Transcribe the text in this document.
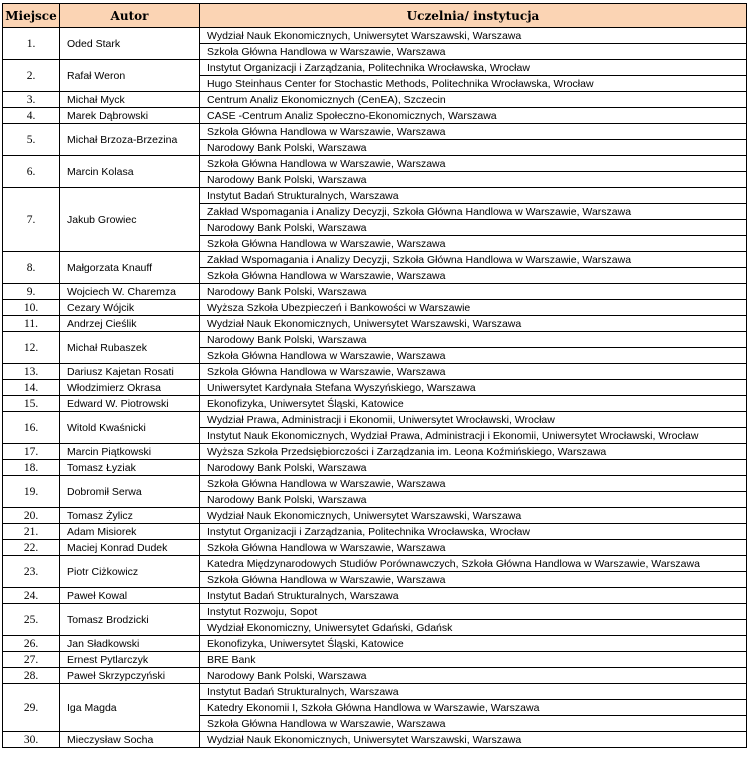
Miejsce	Autor	Uczelnia/ instytucja
1.	Oded Stark	Wydział Nauk Ekonomicznych, Uniwersytet Warszawski, Warszawa
		Szkoła Główna Handlowa w Warszawie, Warszawa
2.	Rafał Weron	Instytut Organizacji i Zarządzania, Politechnika Wrocławska, Wrocław
		Hugo Steinhaus Center for Stochastic Methods, Politechnika Wrocławska, Wrocław
3.	Michał Myck	Centrum Analiz Ekonomicznych (CenEA), Szczecin
4.	Marek Dąbrowski	CASE -Centrum Analiz Społeczno-Ekonomicznych, Warszawa
5.	Michał Brzoza-Brzezina	Szkoła Główna Handlowa w Warszawie, Warszawa
		Narodowy Bank Polski, Warszawa
6.	Marcin Kolasa	Szkoła Główna Handlowa w Warszawie, Warszawa
		Narodowy Bank Polski, Warszawa
7.	Jakub Growiec	Instytut Badań Strukturalnych, Warszawa
		Zakład Wspomagania i Analizy Decyzji, Szkoła Główna Handlowa w Warszawie, Warszawa
		Narodowy Bank Polski, Warszawa
		Szkoła Główna Handlowa w Warszawie, Warszawa
8.	Małgorzata Knauff	Zakład Wspomagania i Analizy Decyzji, Szkoła Główna Handlowa w Warszawie, Warszawa
		Szkoła Główna Handlowa w Warszawie, Warszawa
9.	Wojciech W. Charemza	Narodowy Bank Polski, Warszawa
10.	Cezary Wójcik	Wyższa Szkoła Ubezpieczeń i Bankowości w Warszawie
11.	Andrzej Cieślik	Wydział Nauk Ekonomicznych, Uniwersytet Warszawski, Warszawa
12.	Michał Rubaszek	Narodowy Bank Polski, Warszawa
		Szkoła Główna Handlowa w Warszawie, Warszawa
13.	Dariusz Kajetan Rosati	Szkoła Główna Handlowa w Warszawie, Warszawa
14.	Włodzimierz Okrasa	Uniwersytet Kardynała Stefana Wyszyńskiego, Warszawa
15.	Edward W. Piotrowski	Ekonofizyka, Uniwersytet Śląski, Katowice
16.	Witold Kwaśnicki	Wydział Prawa, Administracji i Ekonomii, Uniwersytet Wrocławski, Wrocław
		Instytut Nauk Ekonomicznych, Wydział Prawa, Administracji i Ekonomii, Uniwersytet Wrocławski, Wrocław
17.	Marcin Piątkowski	Wyższa Szkoła Przedsiębiorczości i Zarządzania im. Leona Koźmińskiego, Warszawa
18.	Tomasz Łyziak	Narodowy Bank Polski, Warszawa
19.	Dobromił Serwa	Szkoła Główna Handlowa w Warszawie, Warszawa
		Narodowy Bank Polski, Warszawa
20.	Tomasz Żylicz	Wydział Nauk Ekonomicznych, Uniwersytet Warszawski, Warszawa
21.	Adam Misiorek	Instytut Organizacji i Zarządzania, Politechnika Wrocławska, Wrocław
22.	Maciej Konrad Dudek	Szkoła Główna Handlowa w Warszawie, Warszawa
23.	Piotr Ciżkowicz	Katedra Międzynarodowych Studiów Porównawczych, Szkoła Główna Handlowa w Warszawie, Warszawa
		Szkoła Główna Handlowa w Warszawie, Warszawa
24.	Paweł Kowal	Instytut Badań Strukturalnych, Warszawa
25.	Tomasz Brodzicki	Instytut Rozwoju, Sopot
		Wydział Ekonomiczny, Uniwersytet Gdański, Gdańsk
26.	Jan Sładkowski	Ekonofizyka, Uniwersytet Śląski, Katowice
27.	Ernest Pytlarczyk	BRE Bank
28.	Paweł Skrzypczyński	Narodowy Bank Polski, Warszawa
29.	Iga Magda	Instytut Badań Strukturalnych, Warszawa
		Katedry Ekonomii I, Szkoła Główna Handlowa w Warszawie, Warszawa
		Szkoła Główna Handlowa w Warszawie, Warszawa
30.	Mieczysław Socha	Wydział Nauk Ekonomicznych, Uniwersytet Warszawski, Warszawa
